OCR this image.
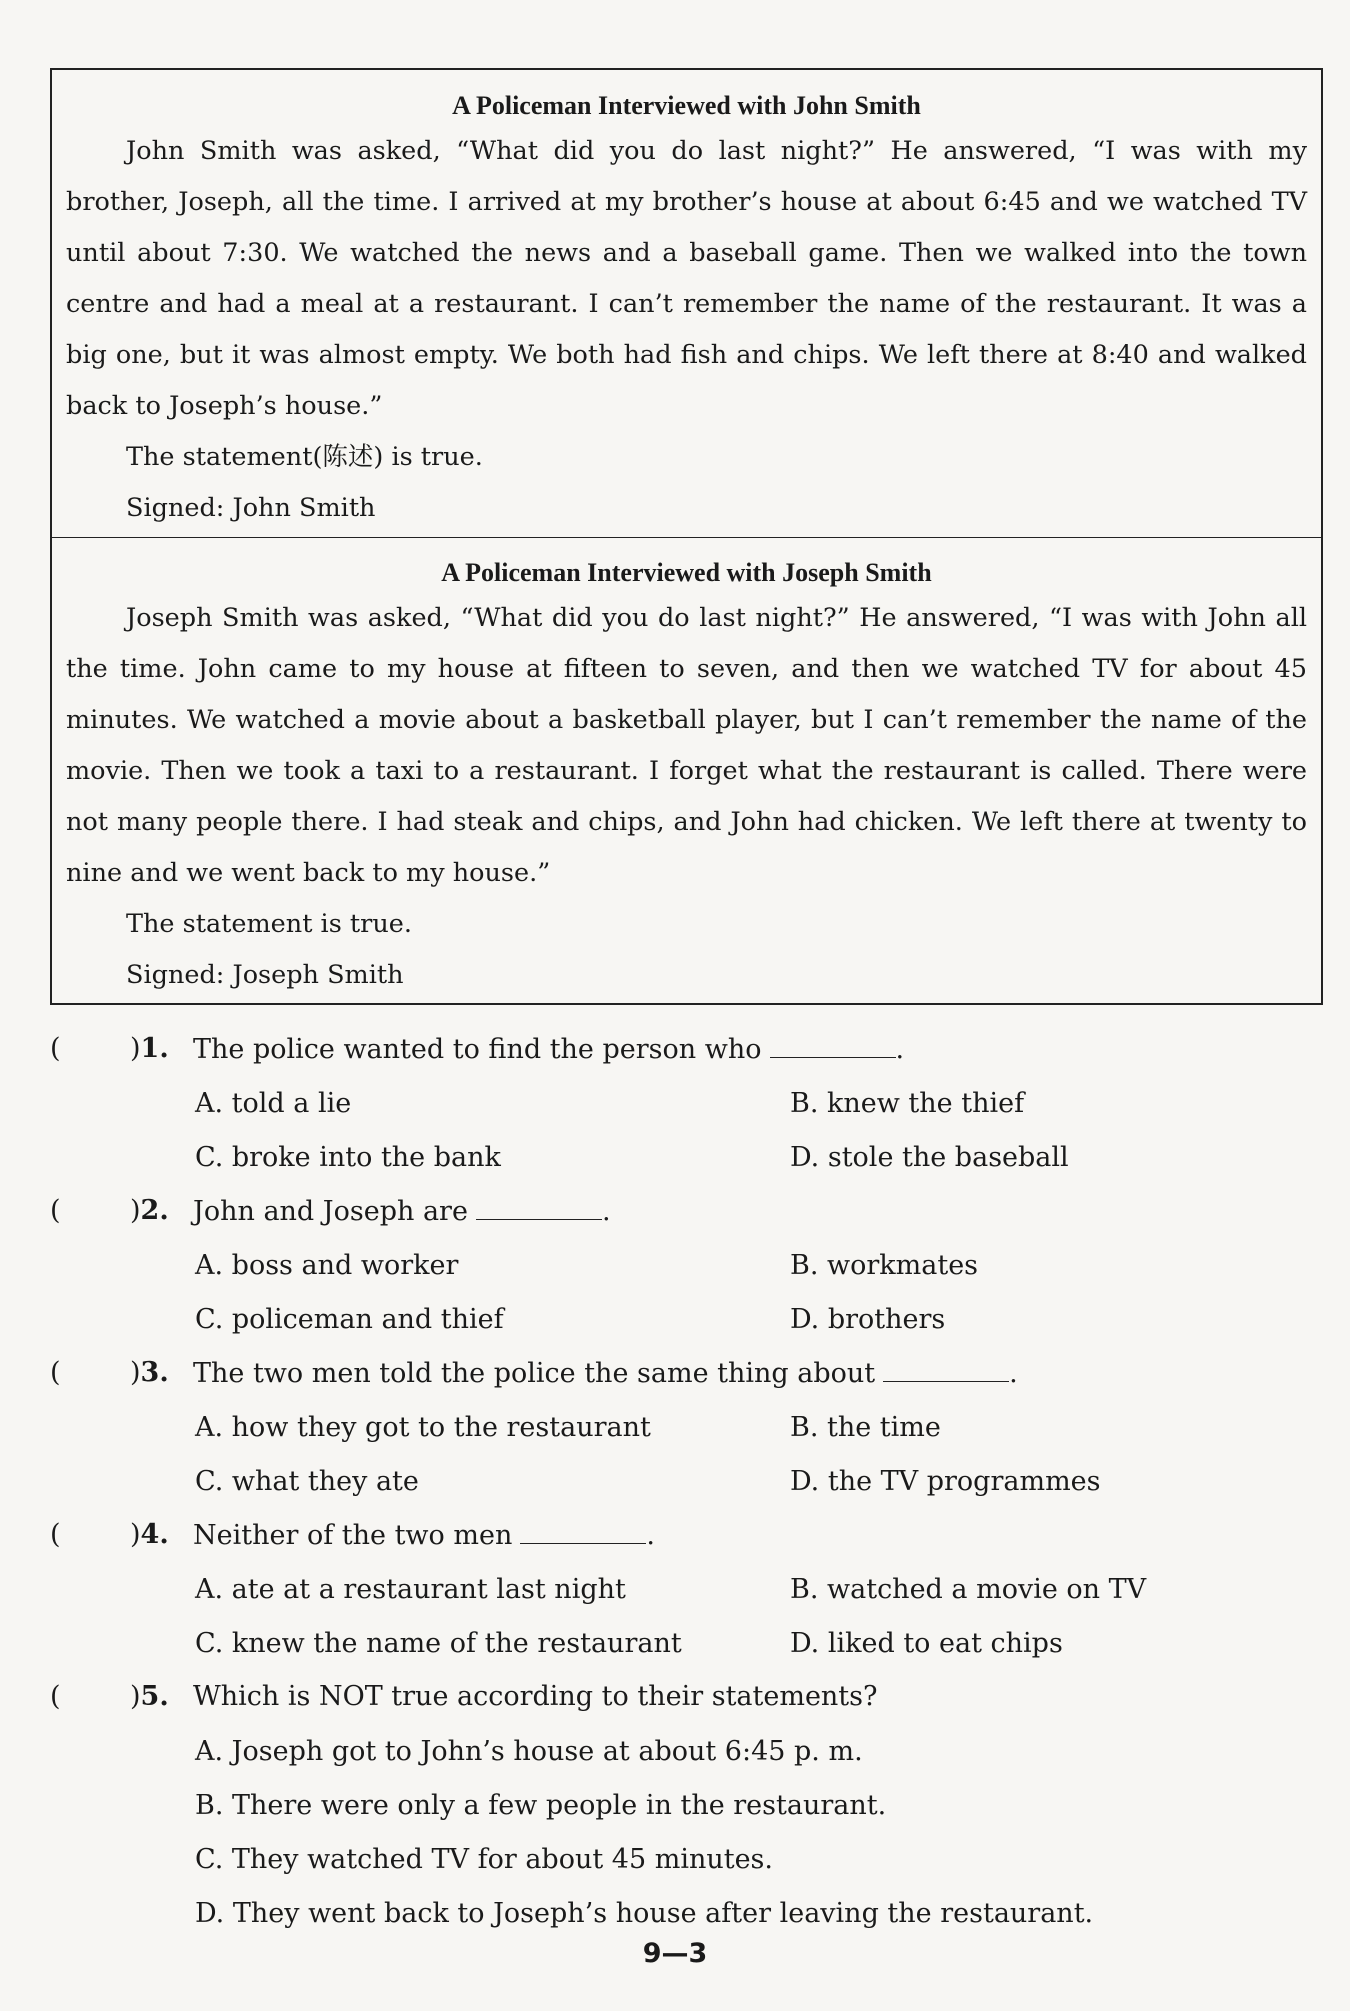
A Policeman Interviewed with John Smith

John Smith was asked, “What did you do last night?” He answered, “I was with my brother, Joseph, all the time. I arrived at my brother’s house at about 6:45 and we watched TV until about 7:30. We watched the news and a baseball game. Then we walked into the town centre and had a meal at a restaurant. I can’t remember the name of the restaurant. It was a big one, but it was almost empty. We both had fish and chips. We left there at 8:40 and walked back to Joseph’s house.”

The statement(陈述) is true.

Signed: John Smith

A Policeman Interviewed with Joseph Smith

Joseph Smith was asked, “What did you do last night?” He answered, “I was with John all the time. John came to my house at fifteen to seven, and then we watched TV for about 45 minutes. We watched a movie about a basketball player, but I can’t remember the name of the movie. Then we took a taxi to a restaurant. I forget what the restaurant is called. There were not many people there. I had steak and chips, and John had chicken. We left there at twenty to nine and we went back to my house.”

The statement is true.

Signed: Joseph Smith

(	)1. The police wanted to find the person who	.
A. told a lie	B. knew the thief
C. broke into the bank	D. stole the baseball
(	)2. John and Joseph are	.
A. boss and worker	B. workmates
C. policeman and thief	D. brothers
(	)3. The two men told the police the same thing about	.
A. how they got to the restaurant	B. the time
C. what they ate	D. the TV programmes
(	)4. Neither of the two men	.
A. ate at a restaurant last night	B. watched a movie on TV
C. knew the name of the restaurant	D. liked to eat chips
(	)5. Which is NOT true according to their statements?
A. Joseph got to John’s house at about 6:45 p. m.
B. There were only a few people in the restaurant.
C. They watched TV for about 45 minutes.
D. They went back to Joseph’s house after leaving the restaurant.
9—3
